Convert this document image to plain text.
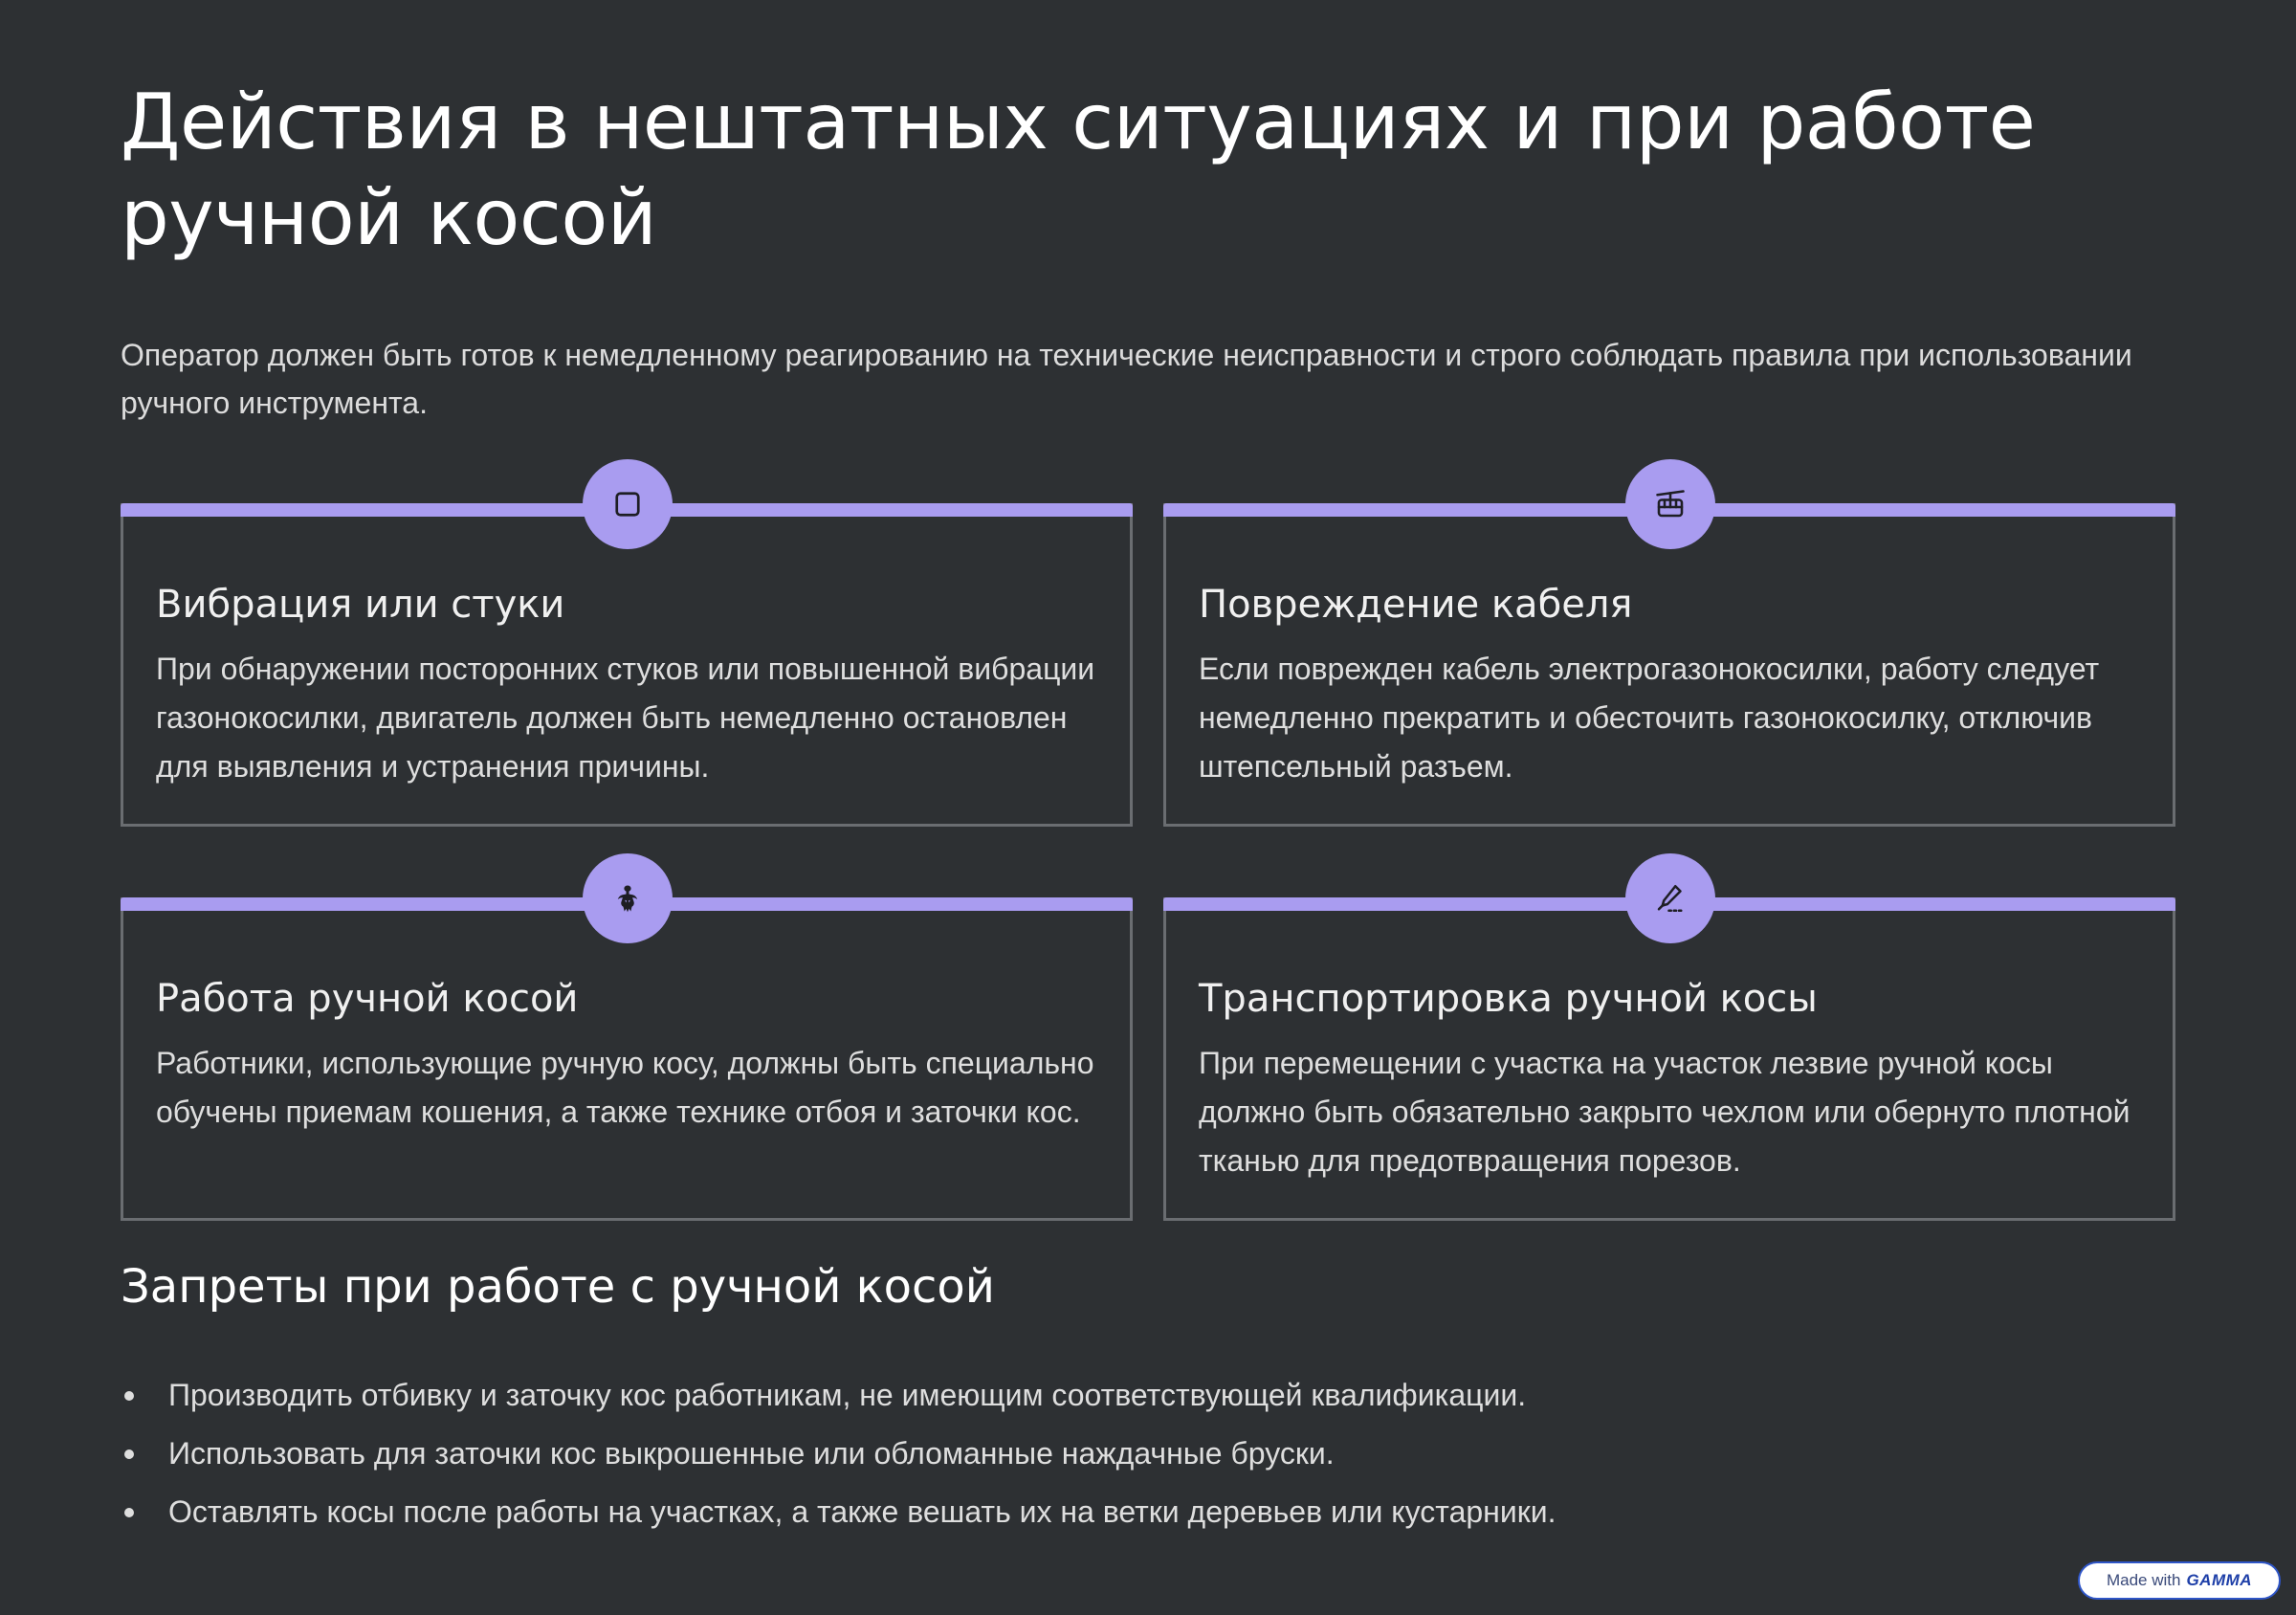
Действия в нештатных ситуациях и при работе ручной косой

Оператор должен быть готов к немедленному реагированию на технические неисправности и строго соблюдать правила при использовании ручного инструмента.

Вибрация или стуки

При обнаружении посторонних стуков или повышенной вибрации газонокосилки, двигатель должен быть немедленно остановлен для выявления и устранения причины.

Повреждение кабеля

Если поврежден кабель электрогазонокосилки, работу следует немедленно прекратить и обесточить газонокосилку, отключив штепсельный разъем.

Работа ручной косой

Работники, использующие ручную косу, должны быть специально обучены приемам кошения, а также технике отбоя и заточки кос.

Транспортировка ручной косы

При перемещении с участка на участок лезвие ручной косы должно быть обязательно закрыто чехлом или обернуто плотной тканью для предотвращения порезов.

Запреты при работе с ручной косой
Производить отбивку и заточку кос работникам, не имеющим соответствующей квалификации.
Использовать для заточки кос выкрошенные или обломанные наждачные бруски.
Оставлять косы после работы на участках, а также вешать их на ветки деревьев или кустарники.
Made with GAMMA
